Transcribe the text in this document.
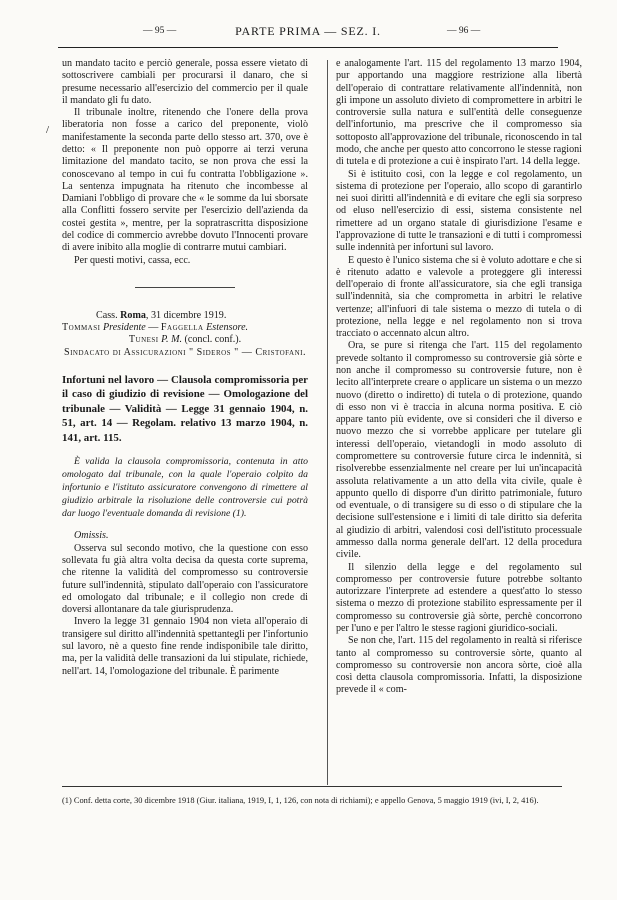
— 95 —	PARTE PRIMA — SEZ. I.	— 96 —
/

un mandato tacito e perciò generale, possa essere vietato di sottoscrivere cambiali per procurarsi il danaro, che si presume necessario all'esercizio del commercio per il quale il mandato gli fu dato.

Il tribunale inoltre, ritenendo che l'onere della prova liberatoria non fosse a carico del preponente, violò manifestamente la seconda parte dello stesso art. 370, ove è detto: « Il preponente non può opporre ai terzi veruna limitazione del mandato tacito, se non prova che essi la conoscevano al tempo in cui fu contratta l'obbligazione ». La sentenza impugnata ha ritenuto che incombesse al Damiani l'obbligo di provare che « le somme da lui sborsate alla Conflitti fossero servite per l'esercizio dell'azienda da costei gestita », mentre, per la sopratrascritta disposizione del codice di commercio avrebbe dovuto l'Innocenti provare di avere inibito alla moglie di contrarre mutui cambiari.

Per questi motivi, cassa, ecc.

Cass. Roma, 31 dicembre 1919.

Tommasi Presidente — Faggella Estensore.

Tunesi P. M. (concl. conf.).

Sindacato di Assicurazioni " Sideros " — Cristofani.

Infortuni nel lavoro — Clausola compromissoria per il caso di giudizio di revisione — Omologazione del tribunale — Validità — Legge 31 gennaio 1904, n. 51, art. 14 — Regolam. relativo 13 marzo 1904, n. 141, art. 115.

È valida la clausola compromissoria, contenuta in atto omologato dal tribunale, con la quale l'operaio colpito da infortunio e l'istituto assicuratore convengono di rimettere al giudizio arbitrale la risoluzione delle controversie cui potrà dar luogo l'eventuale domanda di revisione (1).

Omissis.

Osserva sul secondo motivo, che la questione con esso sollevata fu già altra volta decisa da questa corte suprema, che ritenne la validità del compromesso su controversie future sull'indennità, stipulato dall'operaio con l'assicuratore ed omologato dal tribunale; e il collegio non crede di doversi allontanare da tale giurisprudenza.

Invero la legge 31 gennaio 1904 non vieta all'operaio di transigere sul diritto all'indennità spettantegli per l'infortunio sul lavoro, nè a questo fine rende indisponibile tale diritto, ma, per la validità delle transazioni da lui stipulate, richiede, nell'art. 14, l'omologazione del tribunale. È parimente

e analogamente l'art. 115 del regolamento 13 marzo 1904, pur apportando una maggiore restrizione alla libertà dell'operaio di contrattare relativamente all'indennità, non gli impone un assoluto divieto di compromettere in arbitri le controversie sulla natura e sull'entità delle conseguenze dell'infortunio, ma prescrive che il compromesso sia sottoposto all'approvazione del tribunale, riconoscendo in tal modo, che anche per questo atto concorrono le stesse ragioni di tutela e di protezione a cui è inspirato l'art. 14 della legge.

Si è istituito così, con la legge e col regolamento, un sistema di protezione per l'operaio, allo scopo di garantirlo nei suoi diritti all'indennità e di evitare che egli sia sorpreso od eluso nell'esercizio di essi, sistema consistente nel rimettere ad un organo statale di giurisdizione l'esame e l'approvazione di tutte le transazioni e di tutti i compromessi sulle indennità per infortuni sul lavoro.

E questo è l'unico sistema che si è voluto adottare e che si è ritenuto adatto e valevole a proteggere gli interessi dell'operaio di fronte all'assicuratore, sia che egli transiga sull'indennità, sia che comprometta in arbitri le relative vertenze; all'infuori di tale sistema o mezzo di tutela o di protezione, nella legge e nel regolamento non si trova tracciato o accennato alcun altro.

Ora, se pure si ritenga che l'art. 115 del regolamento prevede soltanto il compromesso su controversie già sòrte e non anche il compromesso su controversie future, non è lecito all'interprete creare o applicare un sistema o un mezzo nuovo (diretto o indiretto) di tutela o di protezione, quando di esso non vi è traccia in alcuna norma positiva. E ciò appare tanto più evidente, ove si consideri che il diverso e nuovo mezzo che si vorrebbe applicare per tutelare gli interessi dell'operaio, vietandogli in modo assoluto di compromettere su controversie future circa le indennità, si risolverebbe essenzialmente nel creare per lui un'incapacità assoluta relativamente a un atto della vita civile, quale è appunto quello di disporre d'un diritto patrimoniale, futuro od eventuale, o di transigere su di esso o di stipulare che la decisione sull'estensione e i limiti di tale diritto sia deferita al giudizio di arbitri, valendosi così dell'istituto processuale ammesso dalla norma generale dell'art. 12 della procedura civile.

Il silenzio della legge e del regolamento sul compromesso per controversie future potrebbe soltanto autorizzare l'interprete ad estendere a quest'atto lo stesso sistema o mezzo di protezione stabilito espressamente per il compromesso su controversie già sòrte, perchè concorrono per l'uno e per l'altro le stesse ragioni giuridico-sociali.

Se non che, l'art. 115 del regolamento in realtà si riferisce tanto al compromesso su controversie sòrte, quanto al compromesso su controversie non ancora sòrte, cioè alla così detta clausola compromissoria. Infatti, la disposizione prevede il « com-

(1) Conf. detta corte, 30 dicembre 1918 (Giur. italiana, 1919, I, 1, 126, con nota di richiami); e appello Genova, 5 maggio 1919 (ivi, I, 2, 416).
